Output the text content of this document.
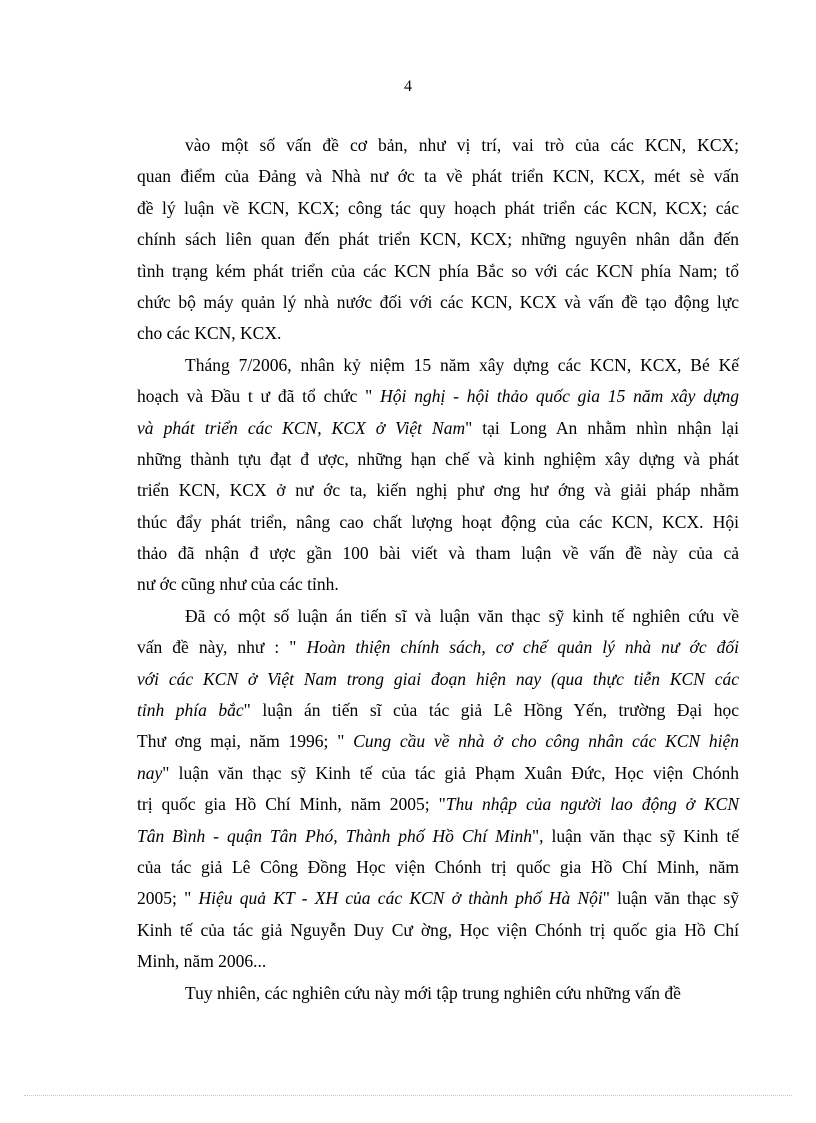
4
vào một số vấn đề cơ bản, như vị trí, vai trò của các KCN, KCX;
quan điểm của Đảng và Nhà nư ớc ta về phát triển KCN, KCX, mét sè vấn
đề lý luận về KCN, KCX; công tác quy hoạch phát triển các KCN, KCX; các
chính sách liên quan đến phát triển KCN, KCX; những nguyên nhân dẫn đến
tình trạng kém phát triển của các KCN phía Bắc so với các KCN phía Nam; tổ
chức bộ máy quản lý nhà nước đối với các KCN, KCX và vấn đề tạo động lực
cho các KCN, KCX.
Tháng 7/2006, nhân kỷ niệm 15 năm xây dựng các KCN, KCX, Bé Kế
hoạch và Đầu t ư đã tổ chức " Hội nghị - hội thảo quốc gia 15 năm xây dựng
và phát triển các KCN, KCX ở Việt Nam" tại Long An nhằm nhìn nhận lại
những thành tựu đạt đ ược, những hạn chế và kinh nghiệm xây dựng và phát
triển KCN, KCX ở nư ớc ta, kiến nghị phư ơng hư ớng và giải pháp nhằm
thúc đẩy phát triển, nâng cao chất lượng hoạt động của các KCN, KCX. Hội
thảo đã nhận đ ược gần 100 bài viết và tham luận về vấn đề này của cả
nư ớc cũng như của các tỉnh.
Đã có một số luận án tiến sĩ và luận văn thạc sỹ kinh tế nghiên cứu về
vấn đề này, như : " Hoàn thiện chính sách, cơ chế quản lý nhà nư ớc đối
với các KCN ở Việt Nam trong giai đoạn hiện nay (qua thực tiễn KCN các
tỉnh phía bắc" luận án tiến sĩ của tác giả Lê Hồng Yến, trường Đại học
Thư ơng mại, năm 1996; " Cung cầu về nhà ở cho công nhân các KCN hiện
nay" luận văn thạc sỹ Kinh tế của tác giả Phạm Xuân Đức, Học viện Chónh
trị quốc gia Hồ Chí Minh, năm 2005; "Thu nhập của người lao động ở KCN
Tân Bình - quận Tân Phó, Thành phố Hồ Chí Minh", luận văn thạc sỹ Kinh tế
của tác giả Lê Công Đồng Học viện Chónh trị quốc gia Hồ Chí Minh, năm
2005; " Hiệu quả KT - XH của các KCN ở thành phố Hà Nội" luận văn thạc sỹ
Kinh tế của tác giả Nguyễn Duy Cư ờng, Học viện Chónh trị quốc gia Hồ Chí
Minh, năm 2006...
Tuy nhiên, các nghiên cứu này mới tập trung nghiên cứu những vấn đề
